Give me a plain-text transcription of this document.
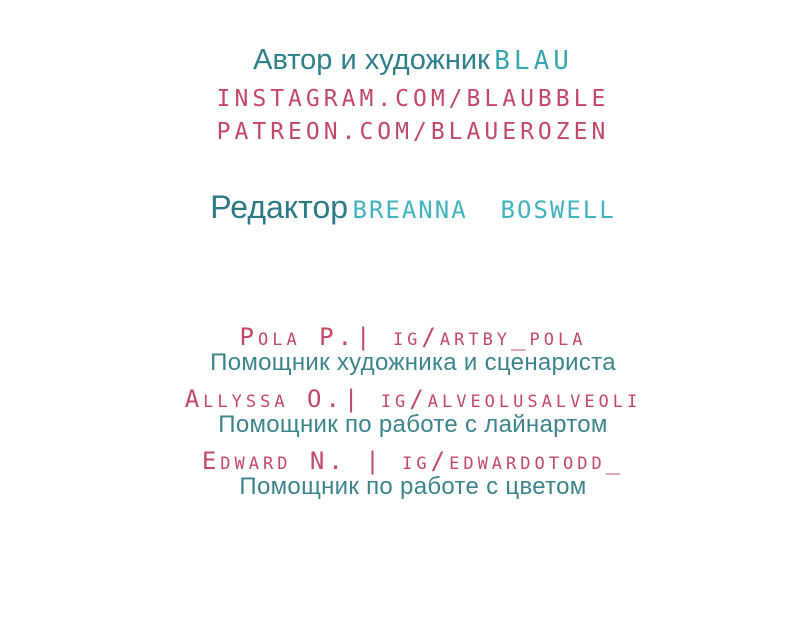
Автор и художник BLAU
INSTAGRAM.COM/BLAUBBLE
PATREON.COM/BLAUEROZEN
Редактор BREANNA  BOSWELL
Pola P.| ig/artby_pola
Помощник художника и сценариста
Allyssa O.| ig/alveolusalveoli
Помощник по работе с лайнартом
Edward N. | ig/edwardotodd_
Помощник по работе с цветом
